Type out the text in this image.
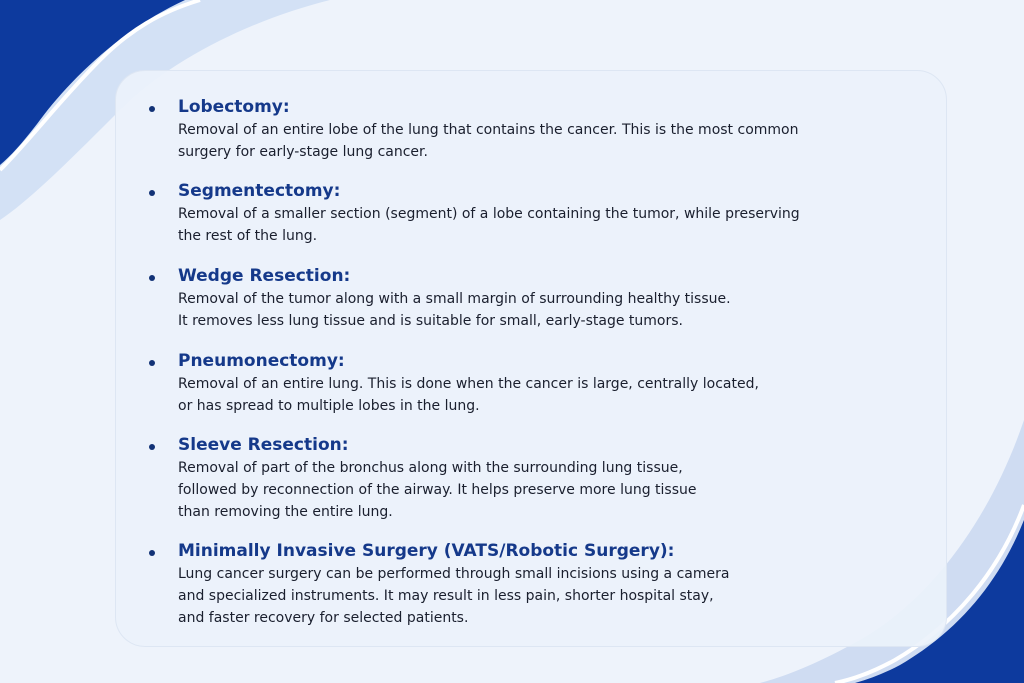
Lobectomy:
Removal of an entire lobe of the lung that contains the cancer. This is the most common
surgery for early-stage lung cancer.
Segmentectomy:
Removal of a smaller section (segment) of a lobe containing the tumor, while preserving
the rest of the lung.
Wedge Resection:
Removal of the tumor along with a small margin of surrounding healthy tissue.
It removes less lung tissue and is suitable for small, early-stage tumors.
Pneumonectomy:
Removal of an entire lung. This is done when the cancer is large, centrally located,
or has spread to multiple lobes in the lung.
Sleeve Resection:
Removal of part of the bronchus along with the surrounding lung tissue,
followed by reconnection of the airway. It helps preserve more lung tissue
than removing the entire lung.
Minimally Invasive Surgery (VATS/Robotic Surgery):
Lung cancer surgery can be performed through small incisions using a camera
and specialized instruments. It may result in less pain, shorter hospital stay,
and faster recovery for selected patients.
